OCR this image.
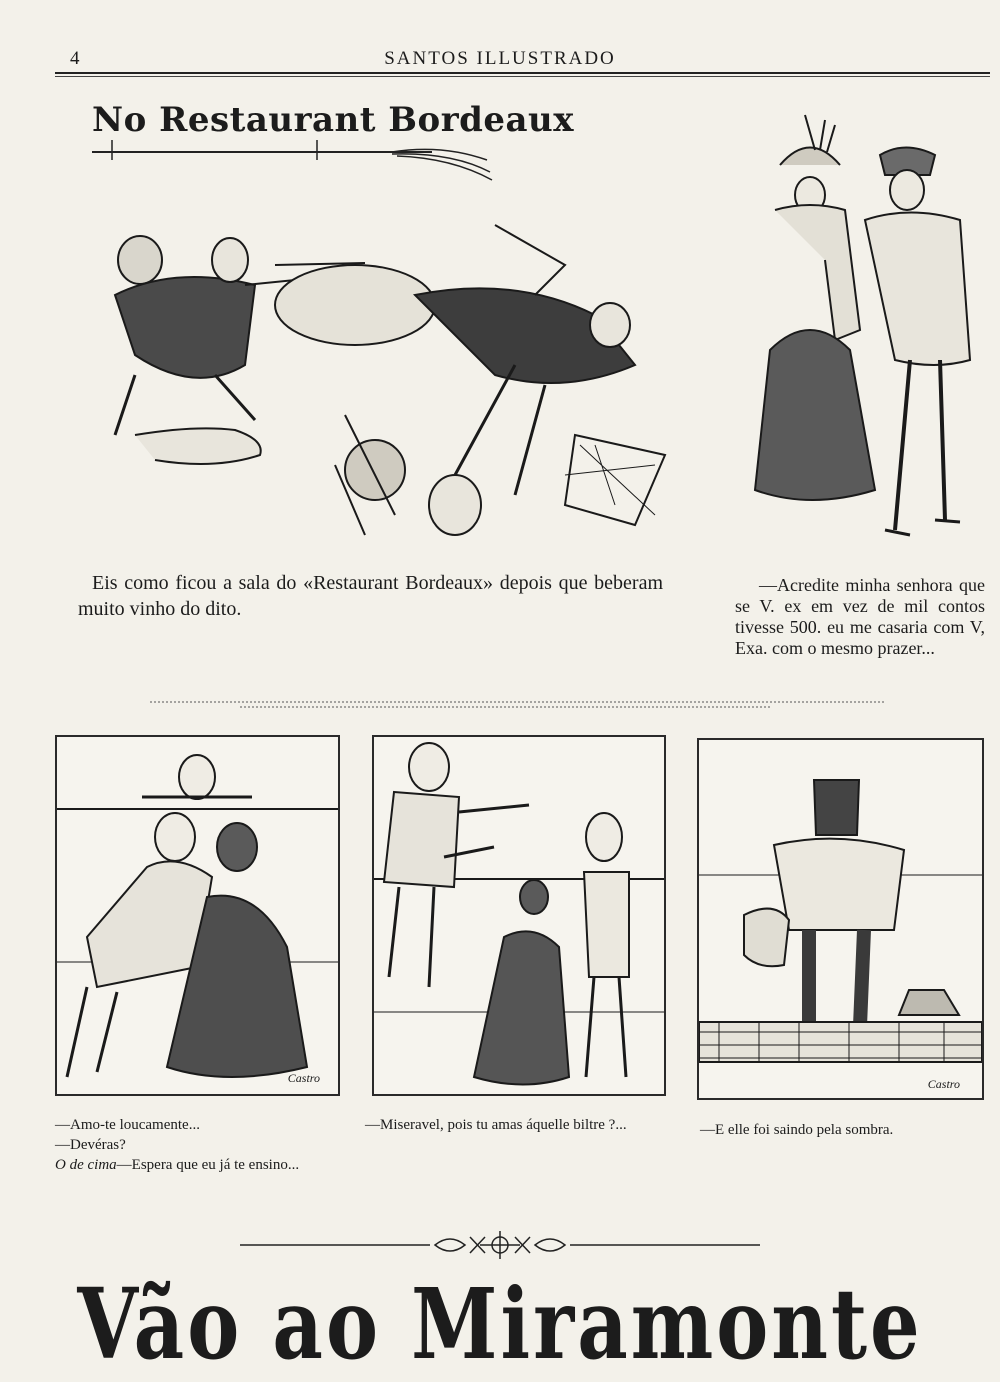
4	SANTOS ILLUSTRADO
No Restaurant Bordeaux
Eis como ficou a sala do «Restaurant Bordeaux» depois que beberam muito vinho do dito.
—Acredite minha senhora que se V. ex em vez de mil contos tivesse 500. eu me casaria com V, Exa. com o mesmo prazer...
Castro	Castro

—Amo-te loucamente...

—Devéras?

O de cima—Espera que eu já te ensino...

—Miseravel, pois tu amas áquelle biltre ?...	—E elle foi saindo pela sombra.

Vão ao Miramonte
